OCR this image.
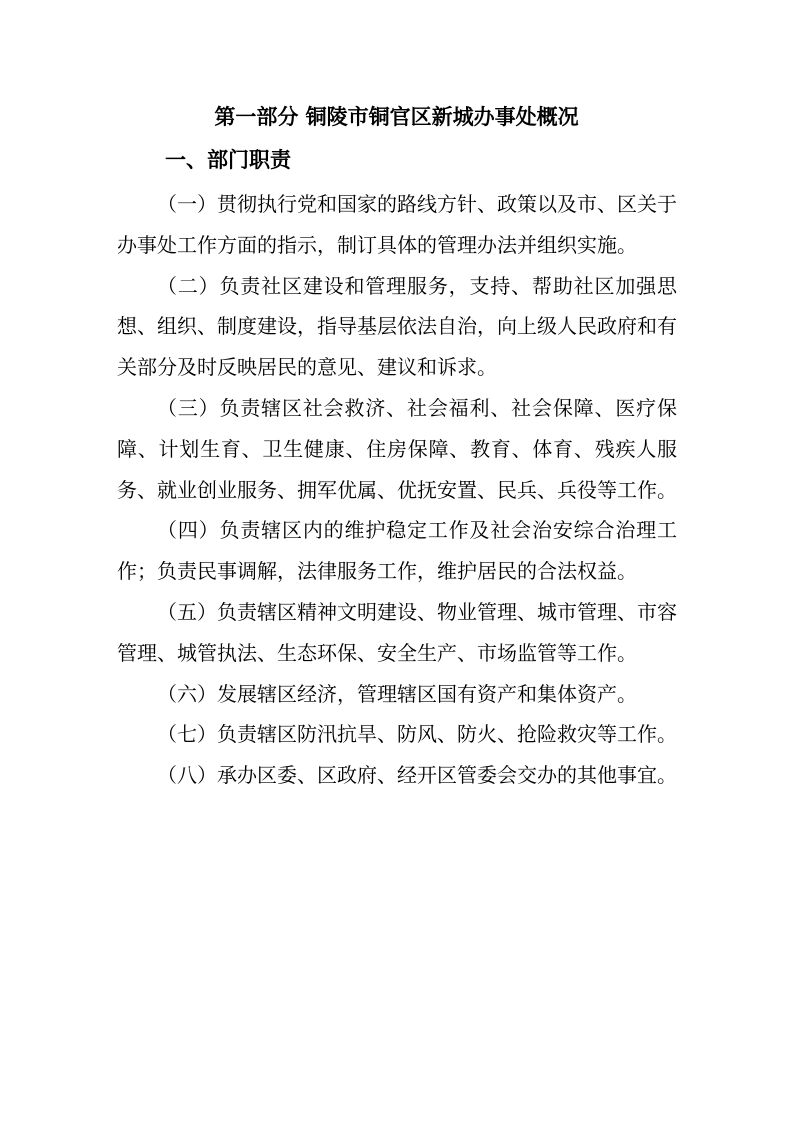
第一部分 铜陵市铜官区新城办事处概况
一、部门职责

（一）贯彻执行党和国家的路线方针、政策以及市、区关于办事处工作方面的指示，制订具体的管理办法并组织实施。

（二）负责社区建设和管理服务，支持、帮助社区加强思想、组织、制度建设，指导基层依法自治，向上级人民政府和有关部分及时反映居民的意见、建议和诉求。

（三）负责辖区社会救济、社会福利、社会保障、医疗保障、计划生育、卫生健康、住房保障、教育、体育、残疾人服务、就业创业服务、拥军优属、优抚安置、民兵、兵役等工作。

（四）负责辖区内的维护稳定工作及社会治安综合治理工作；负责民事调解，法律服务工作，维护居民的合法权益。

（五）负责辖区精神文明建设、物业管理、城市管理、市容管理、城管执法、生态环保、安全生产、市场监管等工作。

（六）发展辖区经济，管理辖区国有资产和集体资产。

（七）负责辖区防汛抗旱、防风、防火、抢险救灾等工作。

（八）承办区委、区政府、经开区管委会交办的其他事宜。
